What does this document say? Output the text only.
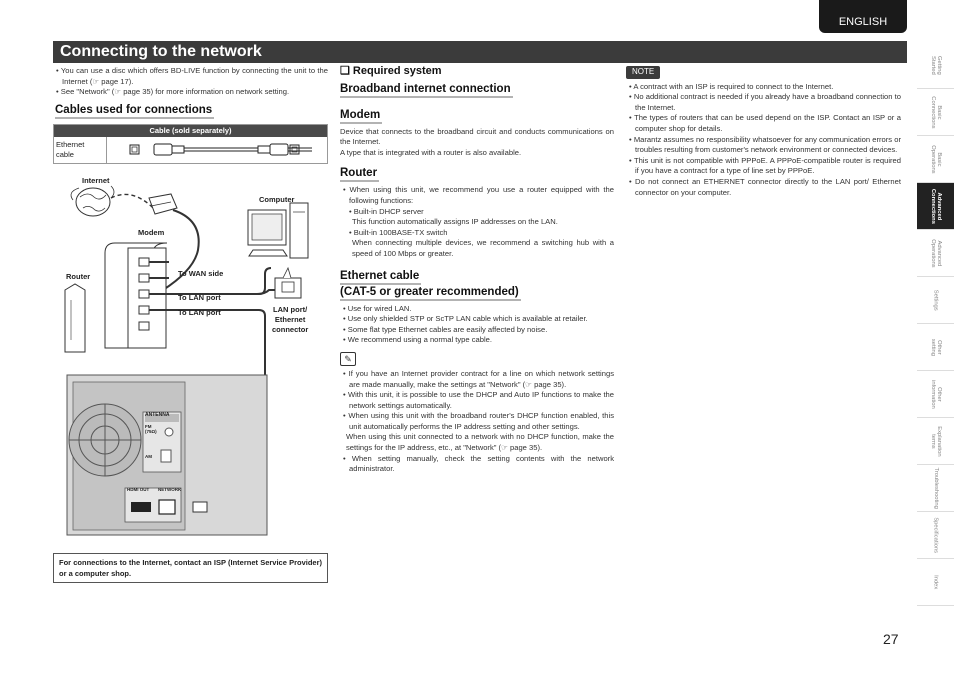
ENGLISH
Connecting to the network
• You can use a disc which offers BD-LIVE function by connecting the unit to the Internet (☞ page 17).
• See "Network" (☞ page 35) for more information on network setting.
Cables used for connections
Cable (sold separately)
Ethernet cable
Internet
Modem
Computer
Router	To WAN side
To LAN port
To LAN port	LAN port/
Ethernet
connector
ANTENNA
FM
(75Ω)
AM
HDMI OUT NETWORK
For connections to the Internet, contact an ISP (Internet Service Provider) or a computer shop.
❑ Required system
Broadband internet connection
Modem
Device that connects to the broadband circuit and conducts communications on the Internet.
A type that is integrated with a router is also available.
Router
• When using this unit, we recommend you use a router equipped with the following functions:
• Built-in DHCP server
This function automatically assigns IP addresses on the LAN.
• Built-in 100BASE-TX switch
When connecting multiple devices, we recommend a switching hub with a speed of 100 Mbps or greater.
Ethernet cable
(CAT-5 or greater recommended)
• Use for wired LAN.
• Use only shielded STP or ScTP LAN cable which is available at retailer.
• Some flat type Ethernet cables are easily affected by noise.
• We recommend using a normal type cable.
✎
• If you have an Internet provider contract for a line on which network settings are made manually, make the settings at "Network" (☞ page 35).
• With this unit, it is possible to use the DHCP and Auto IP functions to make the network settings automatically.
• When using this unit with the broadband router's DHCP function enabled, this unit automatically performs the IP address setting and other settings.
When using this unit connected to a network with no DHCP function, make the settings for the IP address, etc., at "Network" (☞ page 35).
• When setting manually, check the setting contents with the network administrator.
NOTE
• A contract with an ISP is required to connect to the Internet.
• No additional contract is needed if you already have a broadband connection to the Internet.
• The types of routers that can be used depend on the ISP. Contact an ISP or a computer shop for details.
• Marantz assumes no responsibility whatsoever for any communication errors or troubles resulting from customer's network environment or connected devices.
• This unit is not compatible with PPPoE. A PPPoE-compatible router is required if you have a contract for a type of line set by PPPoE.
• Do not connect an ETHERNET connector directly to the LAN port/ Ethernet connector on your computer.
Getting
Started
Basic
Connections
Basic
Operations
Advanced
Connections
Advanced
Operations
Settings
Other
setting
Other
information
Explanation
terms
Troubleshooting
Specifications
Index
27
